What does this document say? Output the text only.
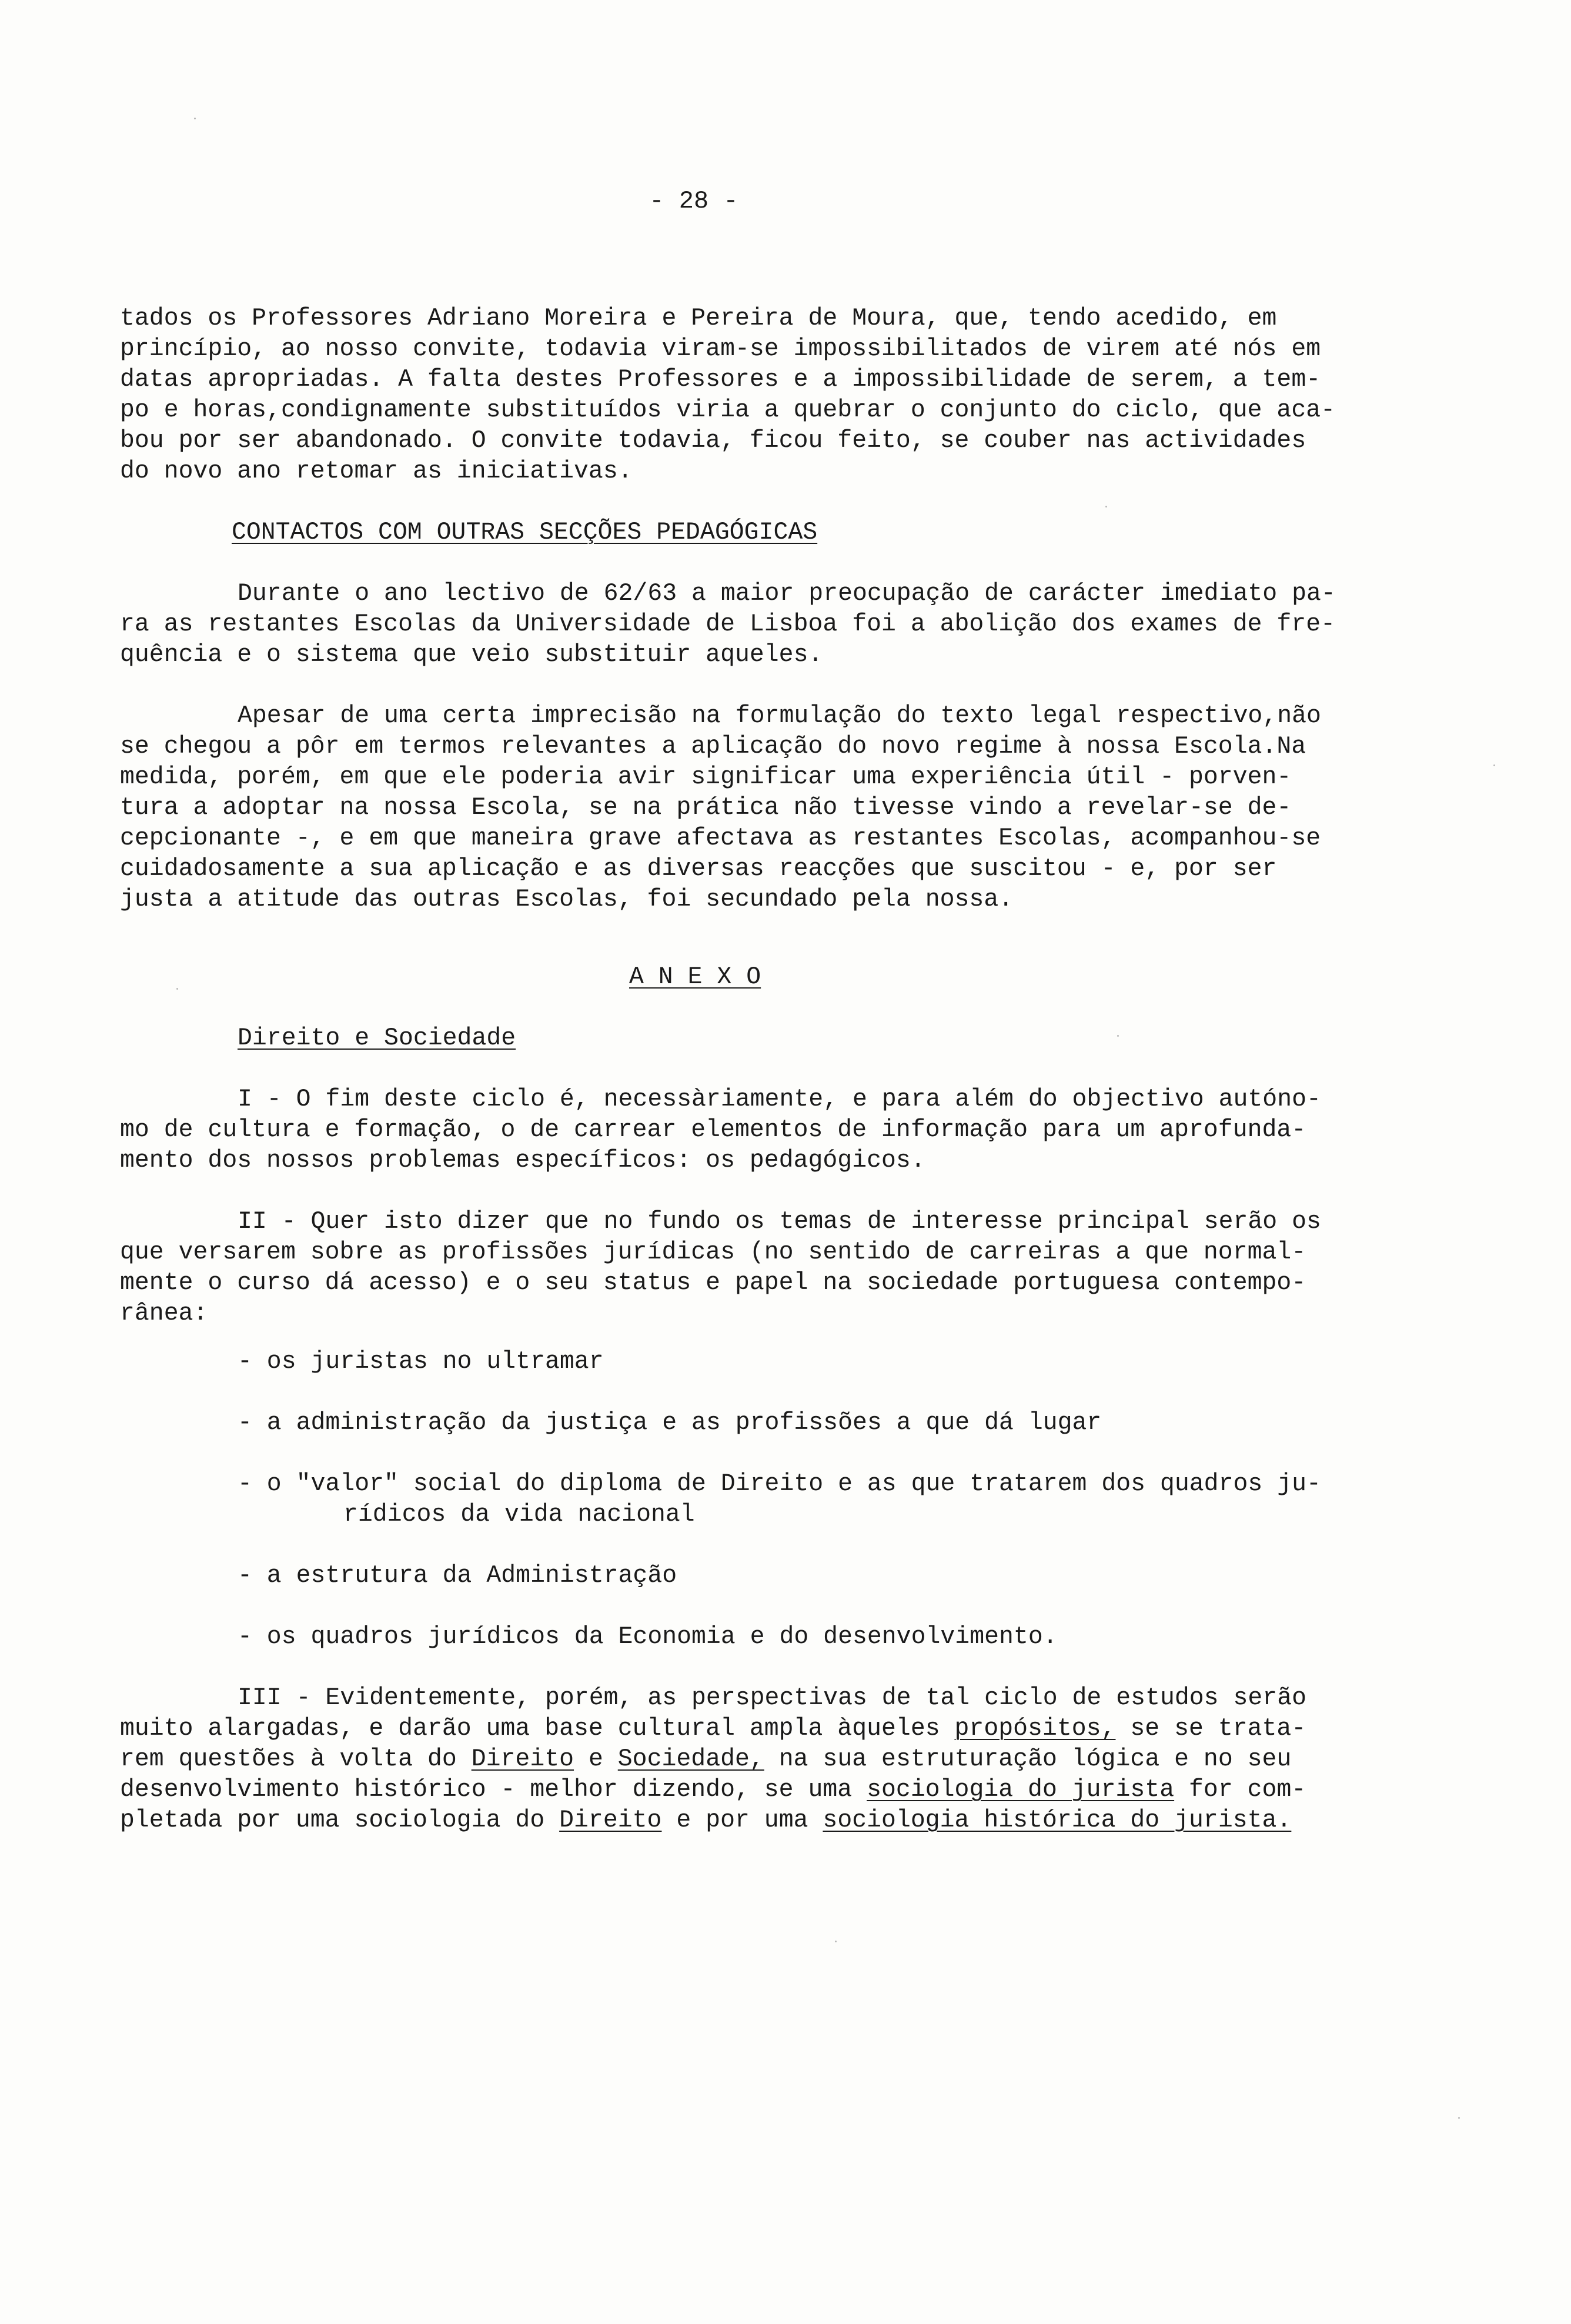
- 28 -
tados os Professores Adriano Moreira e Pereira de Moura, que, tendo acedido, em
princípio, ao nosso convite, todavia viram-se impossibilitados de virem até nós em
datas apropriadas. A falta destes Professores e a impossibilidade de serem, a tem-
po e horas,condignamente substituídos viria a quebrar o conjunto do ciclo, que aca-
bou por ser abandonado. O convite todavia, ficou feito, se couber nas actividades
do novo ano retomar as iniciativas.
CONTACTOS COM OUTRAS SECÇÕES PEDAGÓGICAS
Durante o ano lectivo de 62/63 a maior preocupação de carácter imediato pa-
ra as restantes Escolas da Universidade de Lisboa foi a abolição dos exames de fre-
quência e o sistema que veio substituir aqueles.
Apesar de uma certa imprecisão na formulação do texto legal respectivo,não
se chegou a pôr em termos relevantes a aplicação do novo regime à nossa Escola.Na
medida, porém, em que ele poderia avir significar uma experiência útil - porven-
tura a adoptar na nossa Escola, se na prática não tivesse vindo a revelar-se de-
cepcionante -, e em que maneira grave afectava as restantes Escolas, acompanhou-se
cuidadosamente a sua aplicação e as diversas reacções que suscitou - e, por ser
justa a atitude das outras Escolas, foi secundado pela nossa.
A N E X O
Direito e Sociedade
I - O fim deste ciclo é, necessàriamente, e para além do objectivo autóno-
mo de cultura e formação, o de carrear elementos de informação para um aprofunda-
mento dos nossos problemas específicos: os pedagógicos.
II - Quer isto dizer que no fundo os temas de interesse principal serão os
que versarem sobre as profissões jurídicas (no sentido de carreiras a que normal-
mente o curso dá acesso) e o seu status e papel na sociedade portuguesa contempo-
rânea:
- os juristas no ultramar
- a administração da justiça e as profissões a que dá lugar
- o "valor" social do diploma de Direito e as que tratarem dos quadros ju-
rídicos da vida nacional
- a estrutura da Administração
- os quadros jurídicos da Economia e do desenvolvimento.
III - Evidentemente, porém, as perspectivas de tal ciclo de estudos serão
muito alargadas, e darão uma base cultural ampla àqueles propósitos, se se trata-
rem questões à volta do Direito e Sociedade, na sua estruturação lógica e no seu
desenvolvimento histórico - melhor dizendo, se uma sociologia do jurista for com-
pletada por uma sociologia do Direito e por uma sociologia histórica do jurista.
